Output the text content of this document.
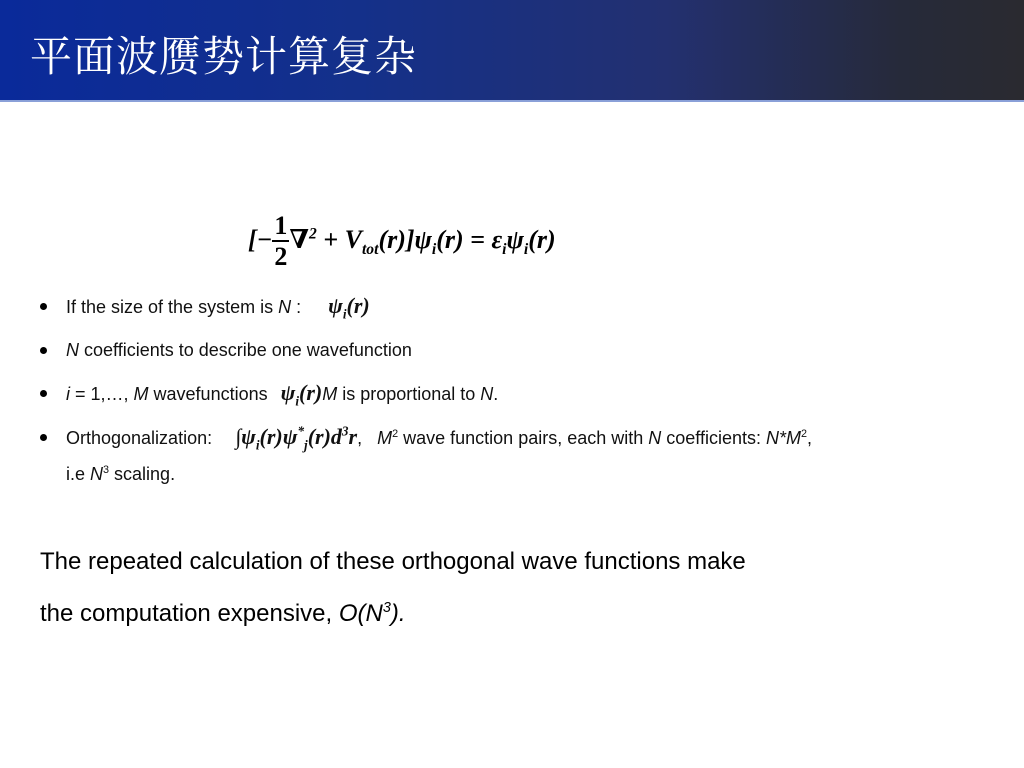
平面波赝势计算复杂
[− $\frac{1}{2} \nabla^2 + V_{tot}(r)]\psi_i(r) = \varepsilon_i\psi_i(r)$
If the size of the system is N : $\psi_i(r)$
N coefficients to describe one wavefunction
i = 1,…, M wavefunctions $\psi_i(r)M$ is proportional to N.
Orthogonalization: $\int\psi_i(r)\psi^*_j(r)d^3r$, $M^2$ wave function pairs, each with N coefficients: $N*M^2$,
i.e $N^3$ scaling.
The repeated calculation of these orthogonal wave functions make
the computation expensive, $O(N^3)$.
